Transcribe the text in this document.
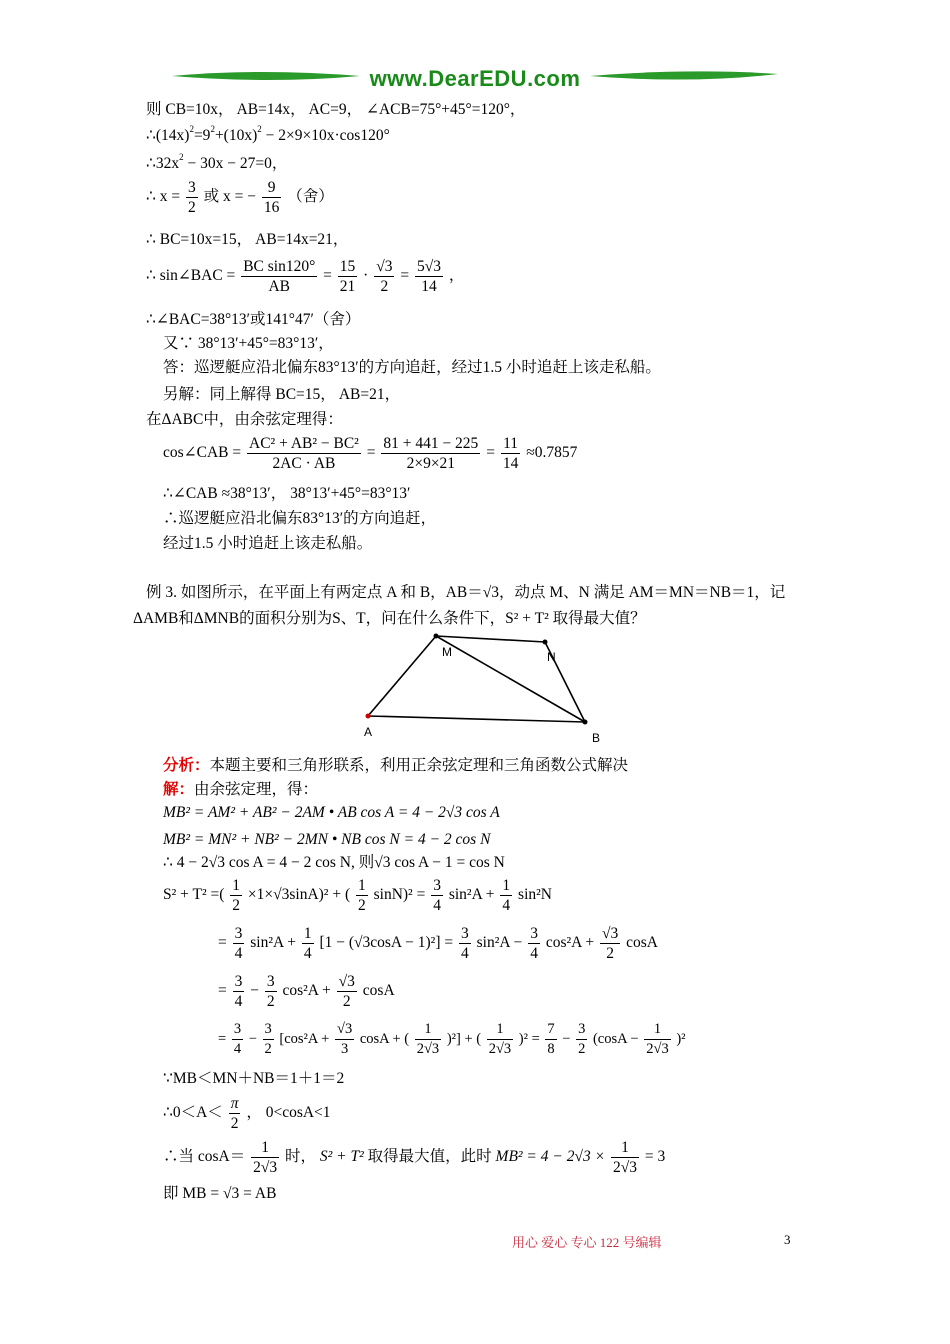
www.DearEDU.com
则 CB=10x， AB=14x， AC=9， ∠ACB=75°+45°=120°，
$\therefore(14x)^2=9^2+(10x)^2 - 2\times 9\times 10x\cdot\cos 120^\circ$
$\therefore 32x^2 - 30x - 27=0$，
∴ $x = \frac{3}{2}$ 或 x = − $\frac{9}{16}$ （舍）
∴ BC=10x=15， AB=14x=21，
∴ sin∠BAC = $\frac{\text{BC sin120°}}{AB} = \frac{15}{21} \cdot \frac{√3}{2} = \frac{5√3}{14}$ ，
∴∠BAC=38°13′或141°47′（舍）
又∵ 38°13′+45°=83°13′，
答：巡逻艇应沿北偏东83°13′的方向追赶，经过1.5 小时追赶上该走私船。
另解：同上解得 BC=15， AB=21，
在ΔABC中，由余弦定理得：
cos∠CAB = $\frac{\text{AC² + AB² − BC²}}{2AC \cdot AB} = \frac{81 + 441 - 225}{2\times 9\times 21} = \frac{11}{14} \approx 0.7857$
∴∠CAB ≈38°13′， 38°13′+45°=83°13′
∴巡逻艇应沿北偏东83°13′的方向追赶，
经过1.5 小时追赶上该走私船。
例 3. 如图所示，在平面上有两定点 A 和 B，AB＝√3，动点 M、N 满足 AM＝MN＝NB＝1，记
ΔAMB和ΔMNB的面积分别为S、T，问在什么条件下，S² + T² 取得最大值？
A
M	N
B
分析：本题主要和三角形联系，利用正余弦定理和三角函数公式解决
解：由余弦定理，得：
MB² = AM² + AB² − 2AM • AB cos A = 4 − 2√3 cos A
MB² = MN² + NB² − 2MN • NB cos N = 4 − 2 cos N
∴ 4 − 2√3 cos A = 4 − 2 cos N, 则√3 cos A − 1 = cos N
S² + T² =( $\frac{1}{2} \times 1\times√3\sin A)^2$ + ( $\frac{1}{2} \sin N)^2 = \frac{3}{4} \sin^2A + \frac{1}{4} \sin^2N$
= $\frac{3}{4} \sin^2A + \frac{1}{4} [1 - (√3\cos A - 1)^2] = \frac{3}{4} \sin^2A - \frac{3}{4} \cos^2A + \frac{√3}{2}$ cosA
= $\frac{3}{4} - \frac{3}{2} \cos^2A + \frac{√3}{2}$ cosA
= $\frac{3}{4} - \frac{3}{2} [\cos^2A + \frac{√3}{3}$ cosA + ( $\frac{1}{2√3} )^2$] + ( $\frac{1}{2√3} )^2 = \frac{7}{8} - \frac{3}{2} (\cos A - \frac{1}{2√3} )^2$
∵MB＜MN＋NB＝1＋1＝2
∴0＜A＜ $\frac{\pi}{2}$ ， 0<cosA<1
∴当 $\cos A= \frac{1}{2√3}$ 时， S² + T² 取得最大值，此时 $MB^2 = 4 - 2√3 \times \frac{1}{2√3} = 3$
即 MB = √3 = AB
用心 爱心 专心 122 号编辑	3
